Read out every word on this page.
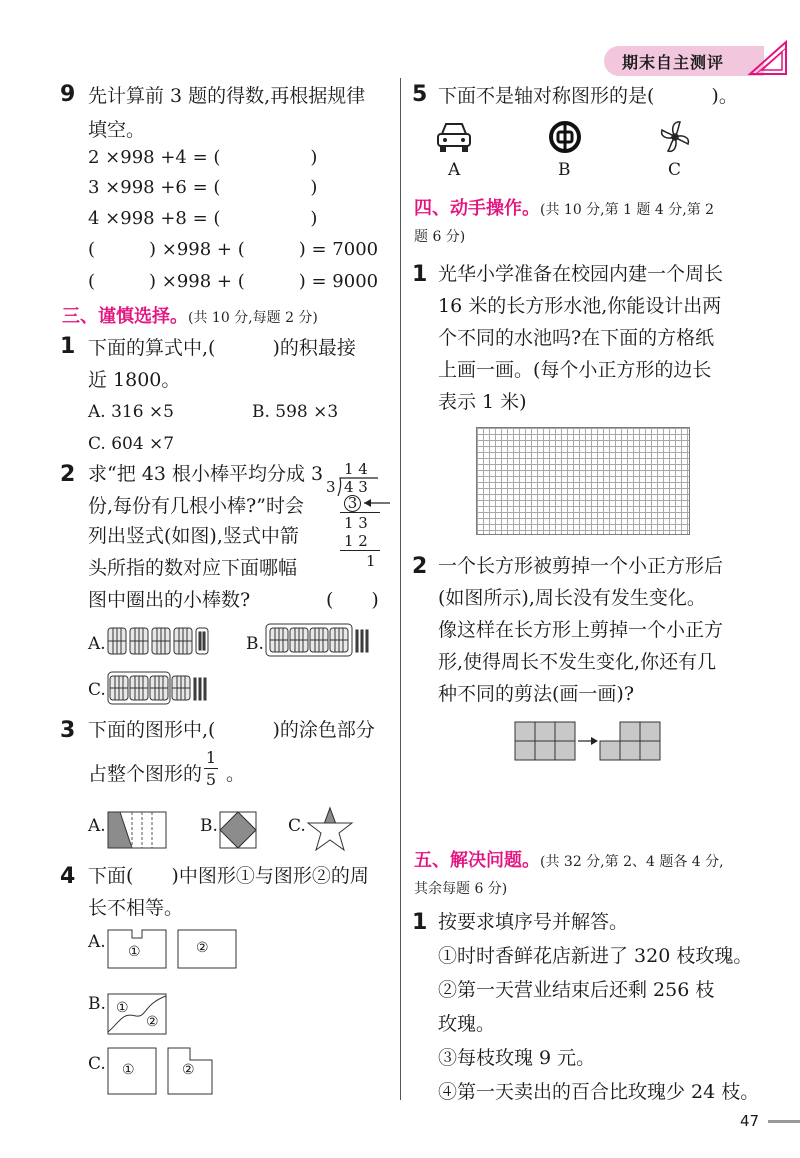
期末自主测评
9 先计算前 3 题的得数,再根据规律
填空。
2 ×998 +4 = (　　　　　)
3 ×998 +6 = (　　　　　)
4 ×998 +8 = (　　　　　)
(　　　) ×998 + (　　　) = 7000
(　　　) ×998 + (　　　) = 9000
三、谨慎选择。(共 10 分,每题 2 分)
1 下面的算式中,(　　　)的积最接
近 1800。
A. 316 ×5	B. 598 ×3
C. 604 ×7
2 求“把 43 根小棒平均分成 3
份,每份有几根小棒?”时会
列出竖式(如图),竖式中箭
头所指的数对应下面哪幅
图中圈出的小棒数?	(　　)
1 4
3 4 3
3
1 3
1 2
1
A.	B.
C.
3 下面的图形中,(　　　)的涂色部分
占整个图形的
1
5 。
A.	B.	C.
4 下面(　　)中图形①与图形②的周
长不相等。
A. ①	②
B. ①
②
C. ①	②
5 下面不是轴对称图形的是(　　　)。
A	B	C
四、动手操作。(共 10 分,第 1 题 4 分,第 2
题 6 分)
1 光华小学准备在校园内建一个周长
16 米的长方形水池,你能设计出两
个不同的水池吗?在下面的方格纸
上画一画。(每个小正方形的边长
表示 1 米)
2 一个长方形被剪掉一个小正方形后
(如图所示),周长没有发生变化。
像这样在长方形上剪掉一个小正方
形,使得周长不发生变化,你还有几
种不同的剪法(画一画)?
五、解决问题。(共 32 分,第 2、4 题各 4 分,
其余每题 6 分)
1 按要求填序号并解答。
①时时香鲜花店新进了 320 枝玫瑰。
②第一天营业结束后还剩 256 枝
玫瑰。
③每枝玫瑰 9 元。
④第一天卖出的百合比玫瑰少 24 枝。
47
